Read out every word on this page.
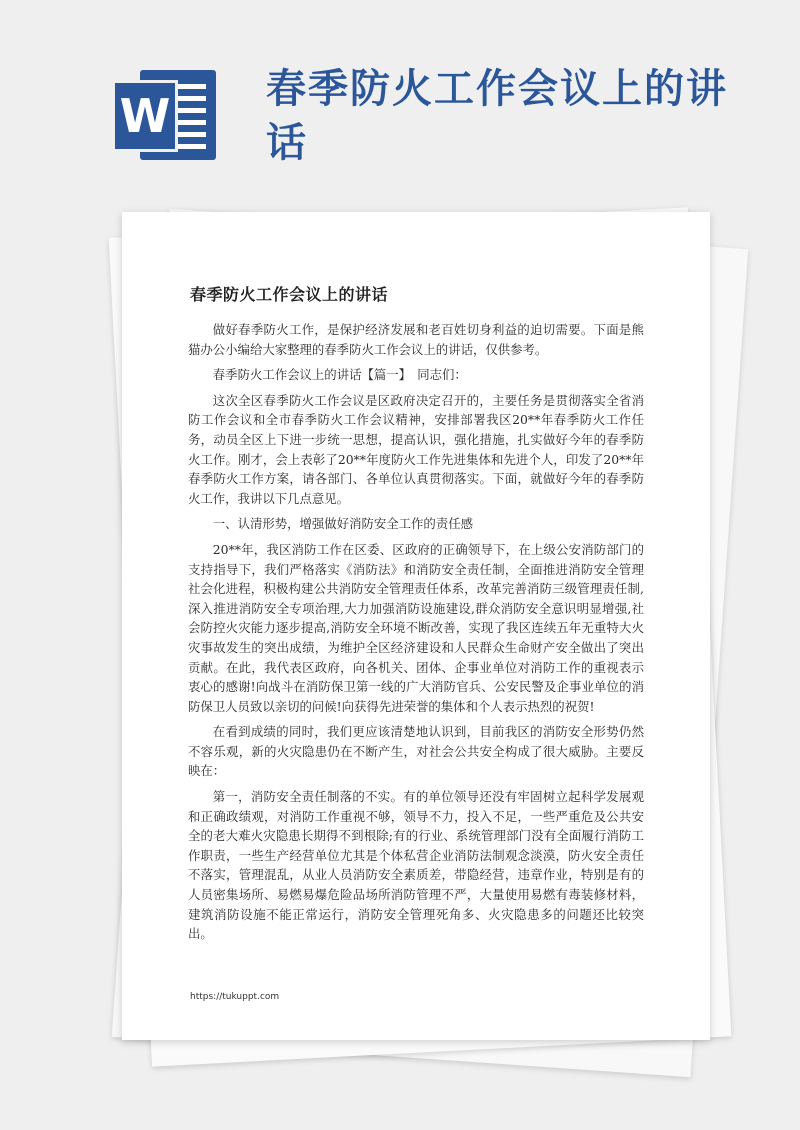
W 春季防火工作会议上的讲话
春季防火工作会议上的讲话

做好春季防火工作，是保护经济发展和老百姓切身利益的迫切需要。下面是熊猫办公小编给大家整理的春季防火工作会议上的讲话，仅供参考。

春季防火工作会议上的讲话【篇一】　同志们：

这次全区春季防火工作会议是区政府决定召开的，主要任务是贯彻落实全省消防工作会议和全市春季防火工作会议精神，安排部署我区20**年春季防火工作任务，动员全区上下进一步统一思想，提高认识，强化措施，扎实做好今年的春季防火工作。刚才，会上表彰了20**年度防火工作先进集体和先进个人，印发了20**年春季防火工作方案，请各部门、各单位认真贯彻落实。下面，就做好今年的春季防火工作，我讲以下几点意见。

一、认清形势，增强做好消防安全工作的责任感

20**年，我区消防工作在区委、区政府的正确领导下，在上级公安消防部门的支持指导下，我们严格落实《消防法》和消防安全责任制，全面推进消防安全管理社会化进程，积极构建公共消防安全管理责任体系，改革完善消防三级管理责任制,深入推进消防安全专项治理,大力加强消防设施建设,群众消防安全意识明显增强,社会防控火灾能力逐步提高,消防安全环境不断改善，实现了我区连续五年无重特大火灾事故发生的突出成绩，为维护全区经济建设和人民群众生命财产安全做出了突出贡献。在此，我代表区政府，向各机关、团体、企事业单位对消防工作的重视表示衷心的感谢!向战斗在消防保卫第一线的广大消防官兵、公安民警及企事业单位的消防保卫人员致以亲切的问候!向获得先进荣誉的集体和个人表示热烈的祝贺!

在看到成绩的同时，我们更应该清楚地认识到，目前我区的消防安全形势仍然不容乐观，新的火灾隐患仍在不断产生，对社会公共安全构成了很大威胁。主要反映在：

第一，消防安全责任制落的不实。有的单位领导还没有牢固树立起科学发展观和正确政绩观，对消防工作重视不够，领导不力，投入不足，一些严重危及公共安全的老大难火灾隐患长期得不到根除;有的行业、系统管理部门没有全面履行消防工作职责，一些生产经营单位尤其是个体私营企业消防法制观念淡漠，防火安全责任不落实，管理混乱，从业人员消防安全素质差，带隐经营，违章作业，特别是有的人员密集场所、易燃易爆危险品场所消防管理不严，大量使用易燃有毒装修材料，建筑消防设施不能正常运行，消防安全管理死角多、火灾隐患多的问题还比较突出。

https://tukuppt.com
